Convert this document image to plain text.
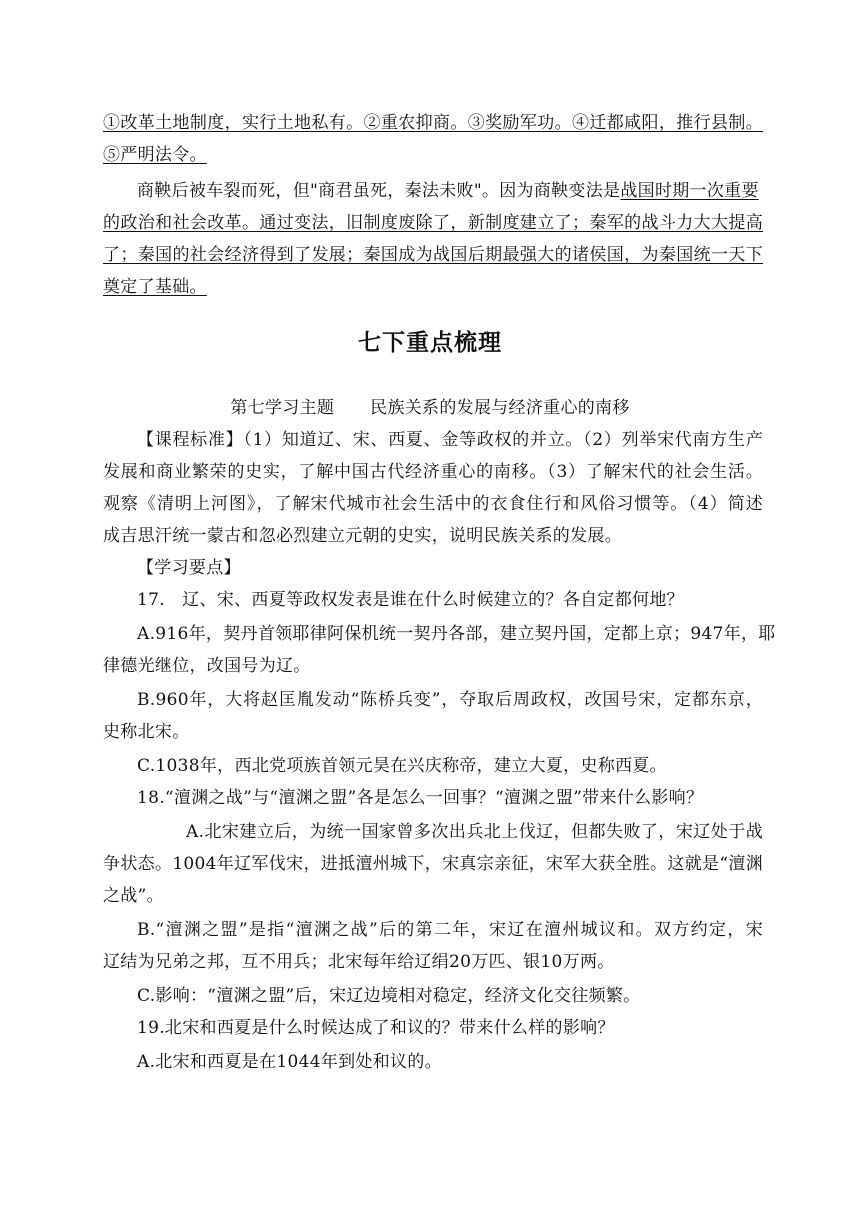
①改革土地制度，实行土地私有。②重农抑商。③奖励军功。④迁都咸阳，推行县制。
⑤严明法令。
商鞅后被车裂而死，但"商君虽死，秦法未败"。因为商鞅变法是战国时期一次重要
的政治和社会改革。通过变法，旧制度废除了，新制度建立了；秦军的战斗力大大提高
了；秦国的社会经济得到了发展；秦国成为战国后期最强大的诸侯国，为秦国统一天下
奠定了基础。
七下重点梳理
第七学习主题 民族关系的发展与经济重心的南移
【课程标准】（1）知道辽、宋、西夏、金等政权的并立。（2）列举宋代南方生产
发展和商业繁荣的史实，了解中国古代经济重心的南移。（3）了解宋代的社会生活。
观察《清明上河图》，了解宋代城市社会生活中的衣食住行和风俗习惯等。（4）简述
成吉思汗统一蒙古和忽必烈建立元朝的史实，说明民族关系的发展。
【学习要点】
17.　辽、宋、西夏等政权发表是谁在什么时候建立的？各自定都何地？
A.916年，契丹首领耶律阿保机统一契丹各部，建立契丹国，定都上京；947年，耶
律德光继位，改国号为辽。
B.960年，大将赵匡胤发动“陈桥兵变”，夺取后周政权，改国号宋，定都东京，
史称北宋。
C.1038年，西北党项族首领元昊在兴庆称帝，建立大夏，史称西夏。
18.“澶渊之战”与“澶渊之盟”各是怎么一回事？“澶渊之盟”带来什么影响？
A.北宋建立后，为统一国家曾多次出兵北上伐辽，但都失败了，宋辽处于战
争状态。1004年辽军伐宋，进抵澶州城下，宋真宗亲征，宋军大获全胜。这就是“澶渊
之战”。
B.“澶渊之盟”是指“澶渊之战”后的第二年，宋辽在澶州城议和。双方约定，宋
辽结为兄弟之邦，互不用兵；北宋每年给辽绢20万匹、银10万两。
C.影响：“澶渊之盟”后，宋辽边境相对稳定，经济文化交往频繁。
19.北宋和西夏是什么时候达成了和议的？带来什么样的影响？
A.北宋和西夏是在1044年到处和议的。
